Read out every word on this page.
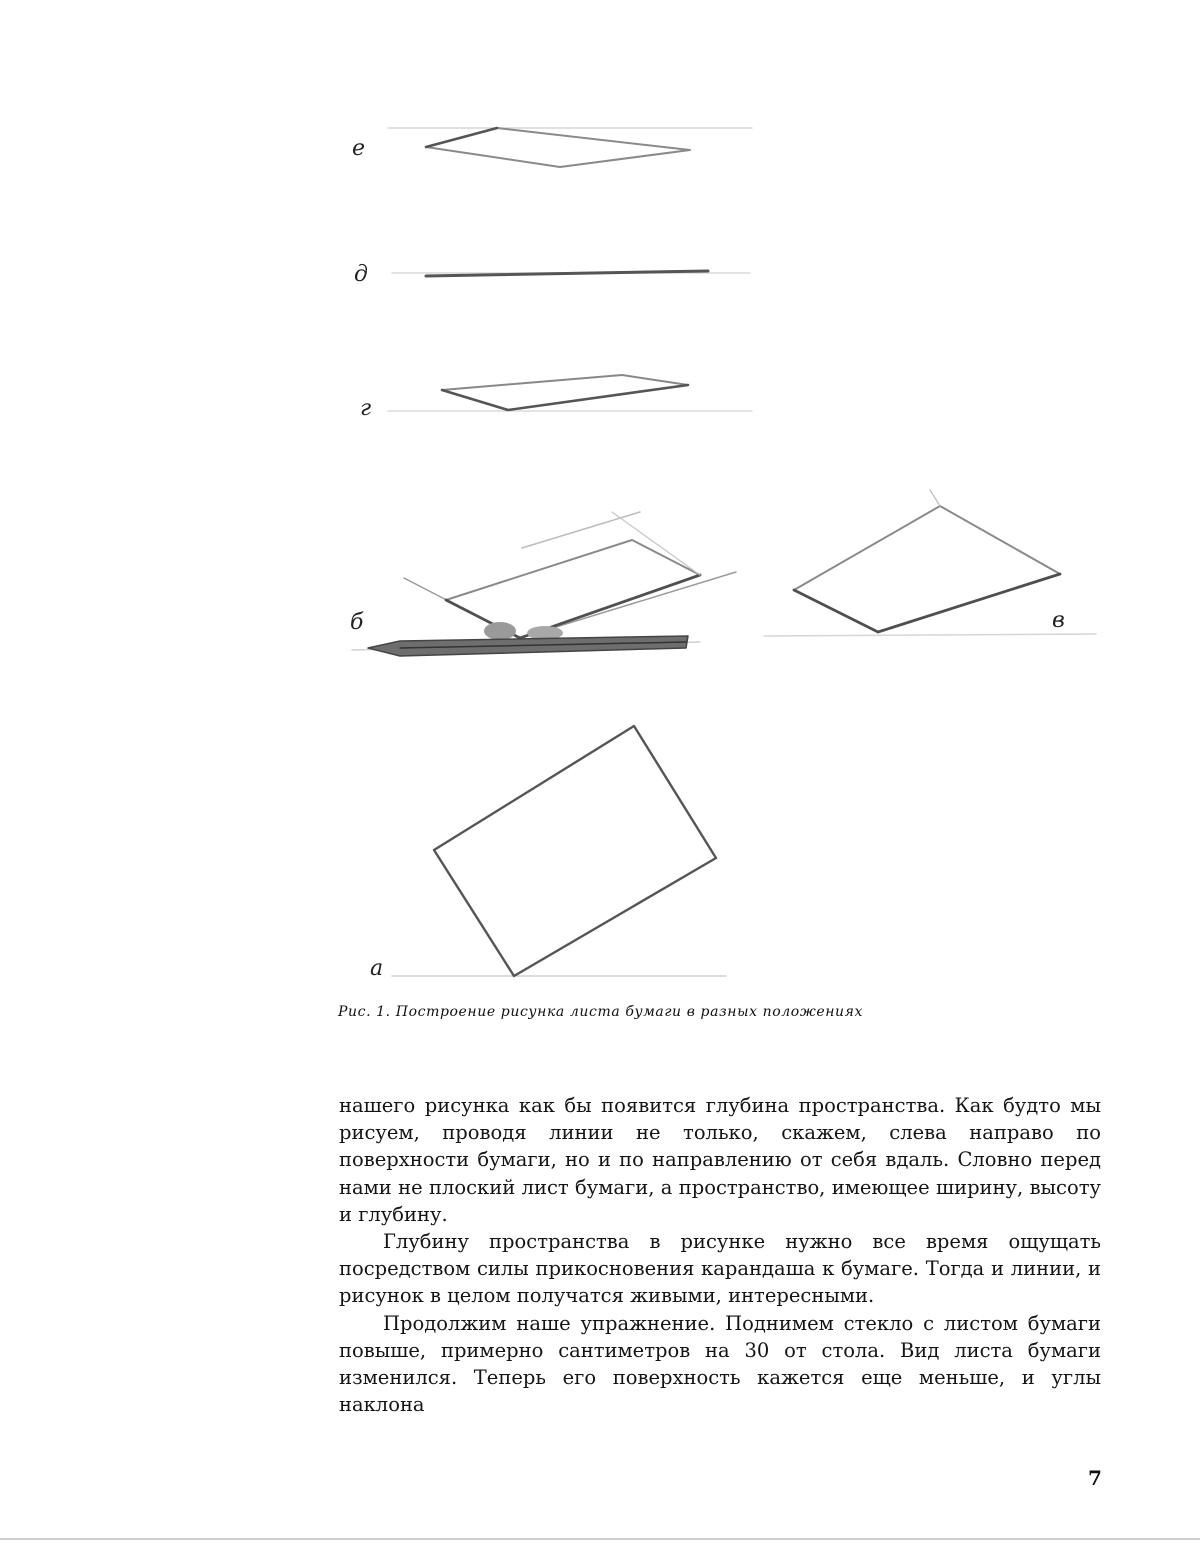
е
д
г
б	в
а
Рис. 1. Построение рисунка листа бумаги в разных положениях

нашего рисунка как бы появится глубина пространства. Как будто мы рисуем, проводя линии не только, скажем, слева направо по поверхности бумаги, но и по направлению от себя вдаль. Словно перед нами не плоский лист бумаги, а пространство, имеющее ширину, высоту и глубину.

Глубину пространства в рисунке нужно все время ощущать посредством силы прикосновения карандаша к бумаге. Тогда и линии, и рисунок в целом получатся живыми, интересными.

Продолжим наше упражнение. Поднимем стекло с листом бумаги повыше, примерно сантиметров на 30 от стола. Вид листа бумаги изменился. Теперь его поверхность кажется еще меньше, и углы наклона

7
